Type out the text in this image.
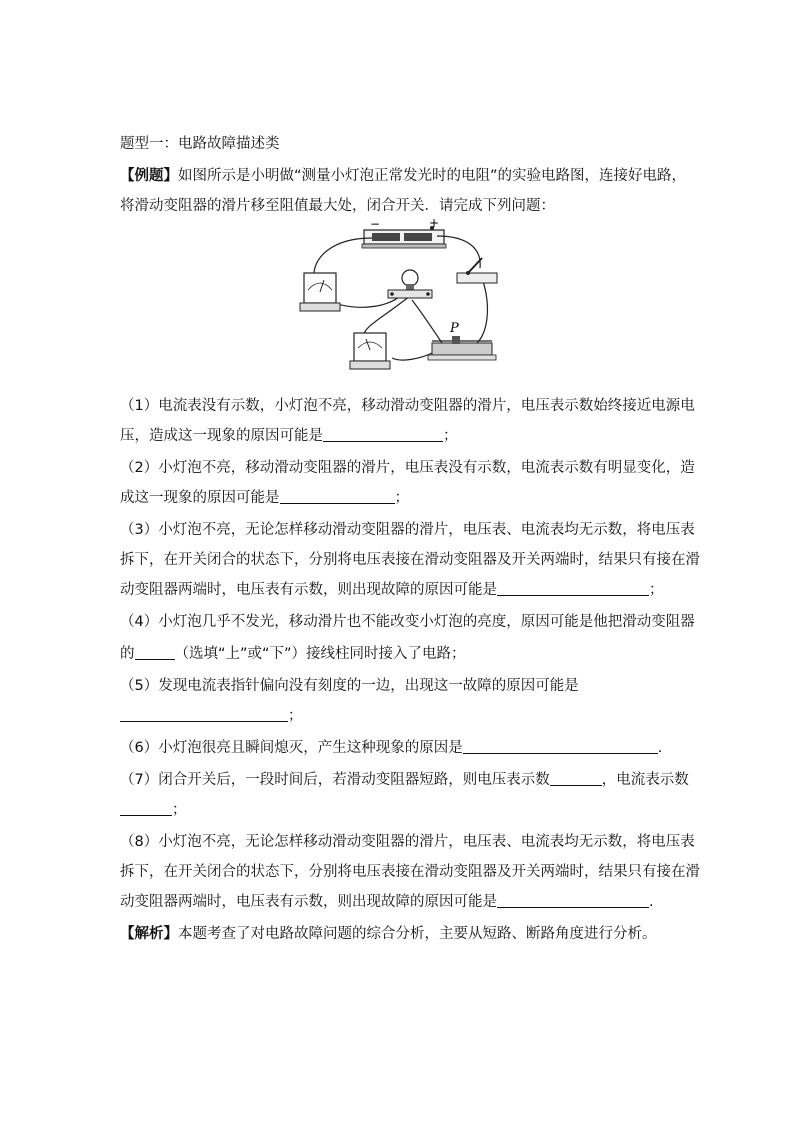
题型一：电路故障描述类
【例题】如图所示是小明做“测量小灯泡正常发光时的电阻”的实验电路图，连接好电路，
将滑动变阻器的滑片移至阻值最大处，闭合开关．请完成下列问题：
−	+
P
（1）电流表没有示数，小灯泡不亮，移动滑动变阻器的滑片，电压表示数始终接近电源电
压，造成这一现象的原因可能是	；
（2）小灯泡不亮，移动滑动变阻器的滑片，电压表没有示数，电流表示数有明显变化，造
成这一现象的原因可能是	；
（3）小灯泡不亮，无论怎样移动滑动变阻器的滑片，电压表、电流表均无示数，将电压表
拆下，在开关闭合的状态下，分别将电压表接在滑动变阻器及开关两端时，结果只有接在滑
动变阻器两端时，电压表有示数，则出现故障的原因可能是	；
（4）小灯泡几乎不发光，移动滑片也不能改变小灯泡的亮度，原因可能是他把滑动变阻器
的	（选填“上”或“下”）接线柱同时接入了电路；
（5）发现电流表指针偏向没有刻度的一边，出现这一故障的原因可能是
；
（6）小灯泡很亮且瞬间熄灭，产生这种现象的原因是	.
（7）闭合开关后，一段时间后，若滑动变阻器短路，则电压表示数	，电流表示数
；
（8）小灯泡不亮，无论怎样移动滑动变阻器的滑片，电压表、电流表均无示数，将电压表
拆下，在开关闭合的状态下，分别将电压表接在滑动变阻器及开关两端时，结果只有接在滑
动变阻器两端时，电压表有示数，则出现故障的原因可能是	.
【解析】本题考查了对电路故障问题的综合分析，主要从短路、断路角度进行分析。
